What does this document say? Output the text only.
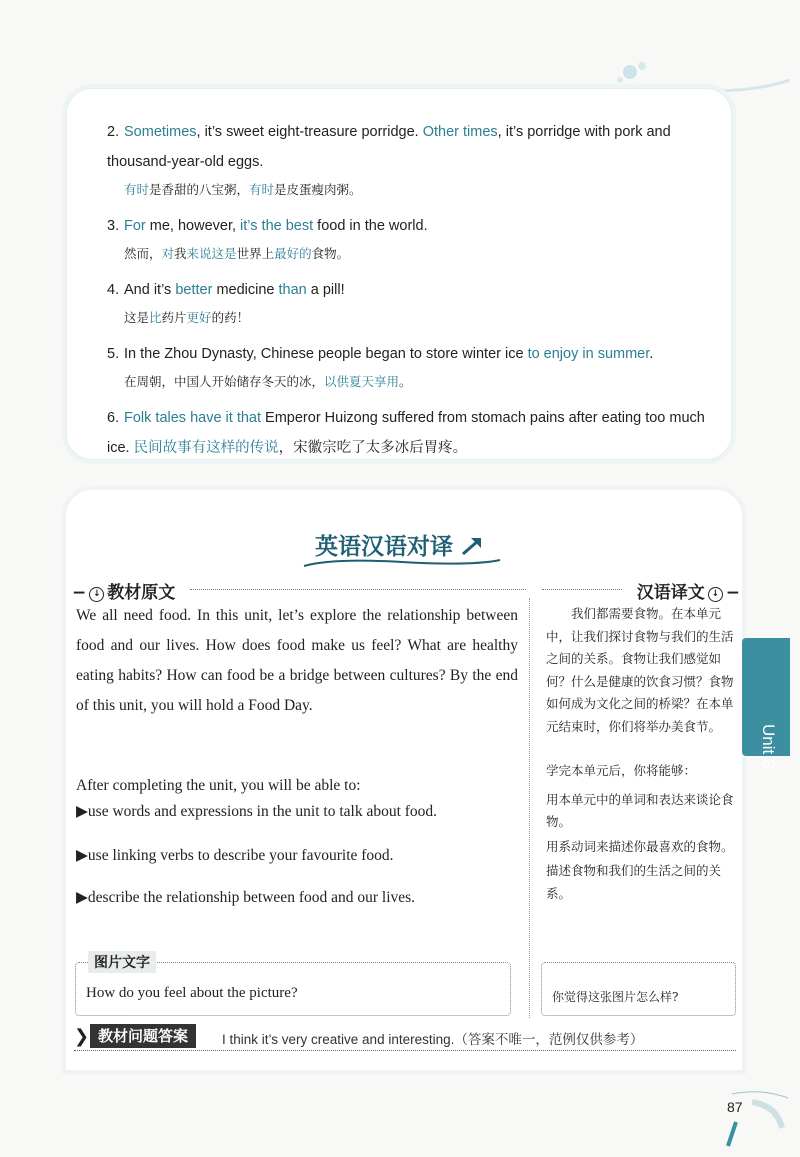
2. Sometimes, it’s sweet eight-treasure porridge. Other times, it’s porridge with pork and thousand-year-old eggs.
有时是香甜的八宝粥，有时是皮蛋瘦肉粥。
3. For me, however, it’s the best food in the world.
然而，对我来说这是世界上最好的食物。
4. And it’s better medicine than a pill!
这是比药片更好的药！
5. In the Zhou Dynasty, Chinese people began to store winter ice to enjoy in summer.
在周朝，中国人开始储存冬天的冰，以供夏天享用。
6. Folk tales have it that Emperor Huizong suffered from stomach pains after eating too much ice. 民间故事有这样的传说，宋徽宗吃了太多冰后胃疼。
英语汉语对译
− ↓ 教材原文	汉语译文 ↓ −

We all need food. In this unit, let’s explore the relationship between food and our lives. How does food make us feel? What are healthy eating habits? How can food be a bridge between cultures? By the end of this unit, you will hold a Food Day.

After completing the unit, you will be able to:

▶use words and expressions in the unit to talk about food.

▶use linking verbs to describe your favourite food.

▶describe the relationship between food and our lives.

我们都需要食物。在本单元中，让我们探讨食物与我们的生活之间的关系。食物让我们感觉如何？什么是健康的饮食习惯？食物如何成为文化之间的桥梁？在本单元结束时，你们将举办美食节。

学完本单元后，你将能够：

用本单元中的单词和表达来谈论食物。

用系动词来描述你最喜欢的食物。

描述食物和我们的生活之间的关系。

图片文字
How do you feel about the picture?	你觉得这张图片怎么样?
❯ 教材问题答案	I think it’s very creative and interesting.（答案不唯一，范例仅供参考）
Unit 3
87
